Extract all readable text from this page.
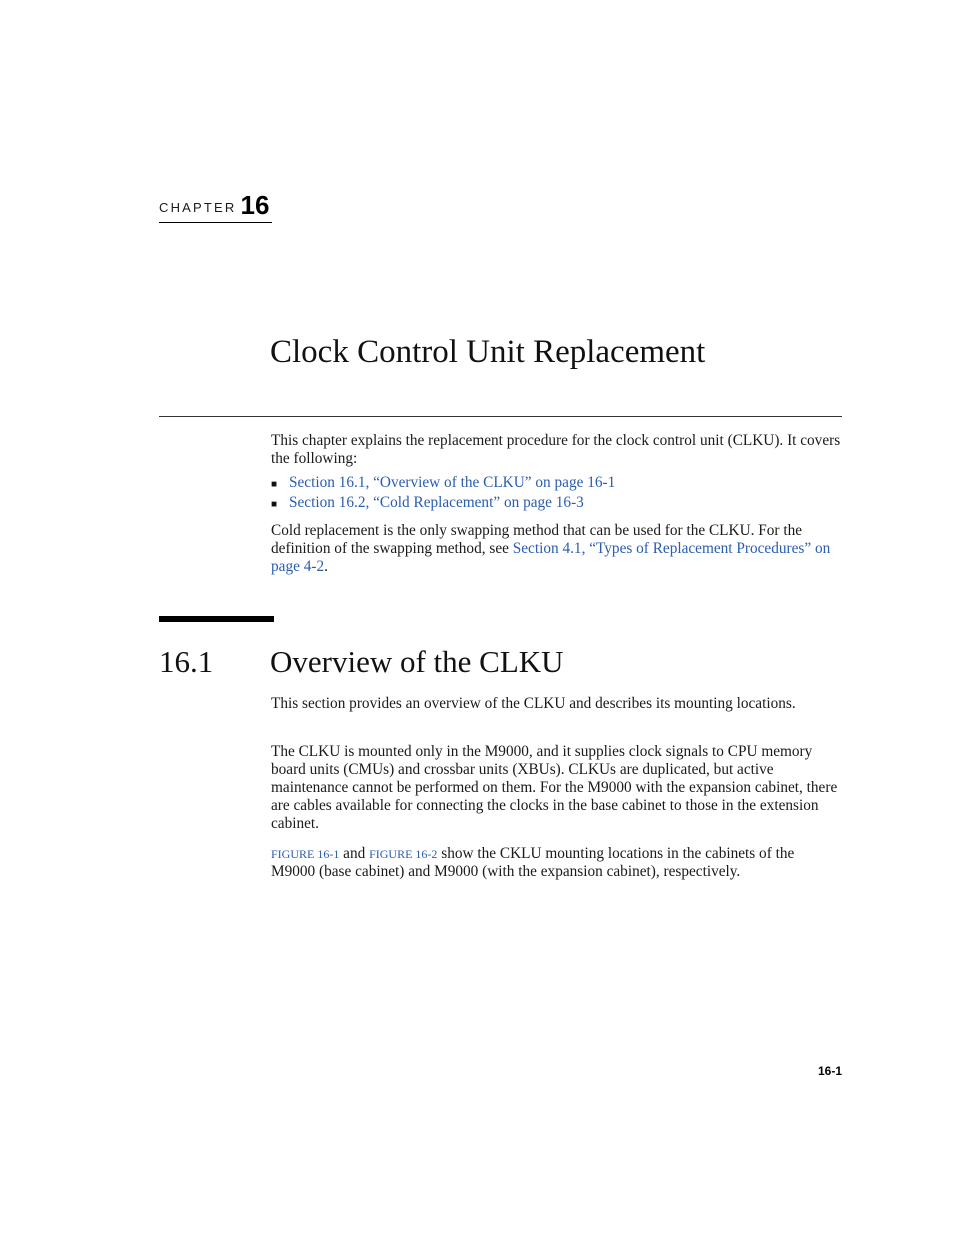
CHAPTER 16
Clock Control Unit Replacement

This chapter explains the replacement procedure for the clock control unit (CLKU). It covers the following:

■ Section 16.1, “Overview of the CLKU” on page 16-1
■ Section 16.2, “Cold Replacement” on page 16-3

Cold replacement is the only swapping method that can be used for the CLKU. For the definition of the swapping method, see Section 4.1, “Types of Replacement Procedures” on page 4-2.

16.1 Overview of the CLKU

This section provides an overview of the CLKU and describes its mounting locations.

The CLKU is mounted only in the M9000, and it supplies clock signals to CPU memory board units (CMUs) and crossbar units (XBUs). CLKUs are duplicated, but active maintenance cannot be performed on them. For the M9000 with the expansion cabinet, there are cables available for connecting the clocks in the base cabinet to those in the extension cabinet.

FIGURE 16-1 and FIGURE 16-2 show the CKLU mounting locations in the cabinets of the M9000 (base cabinet) and M9000 (with the expansion cabinet), respectively.

16-1
